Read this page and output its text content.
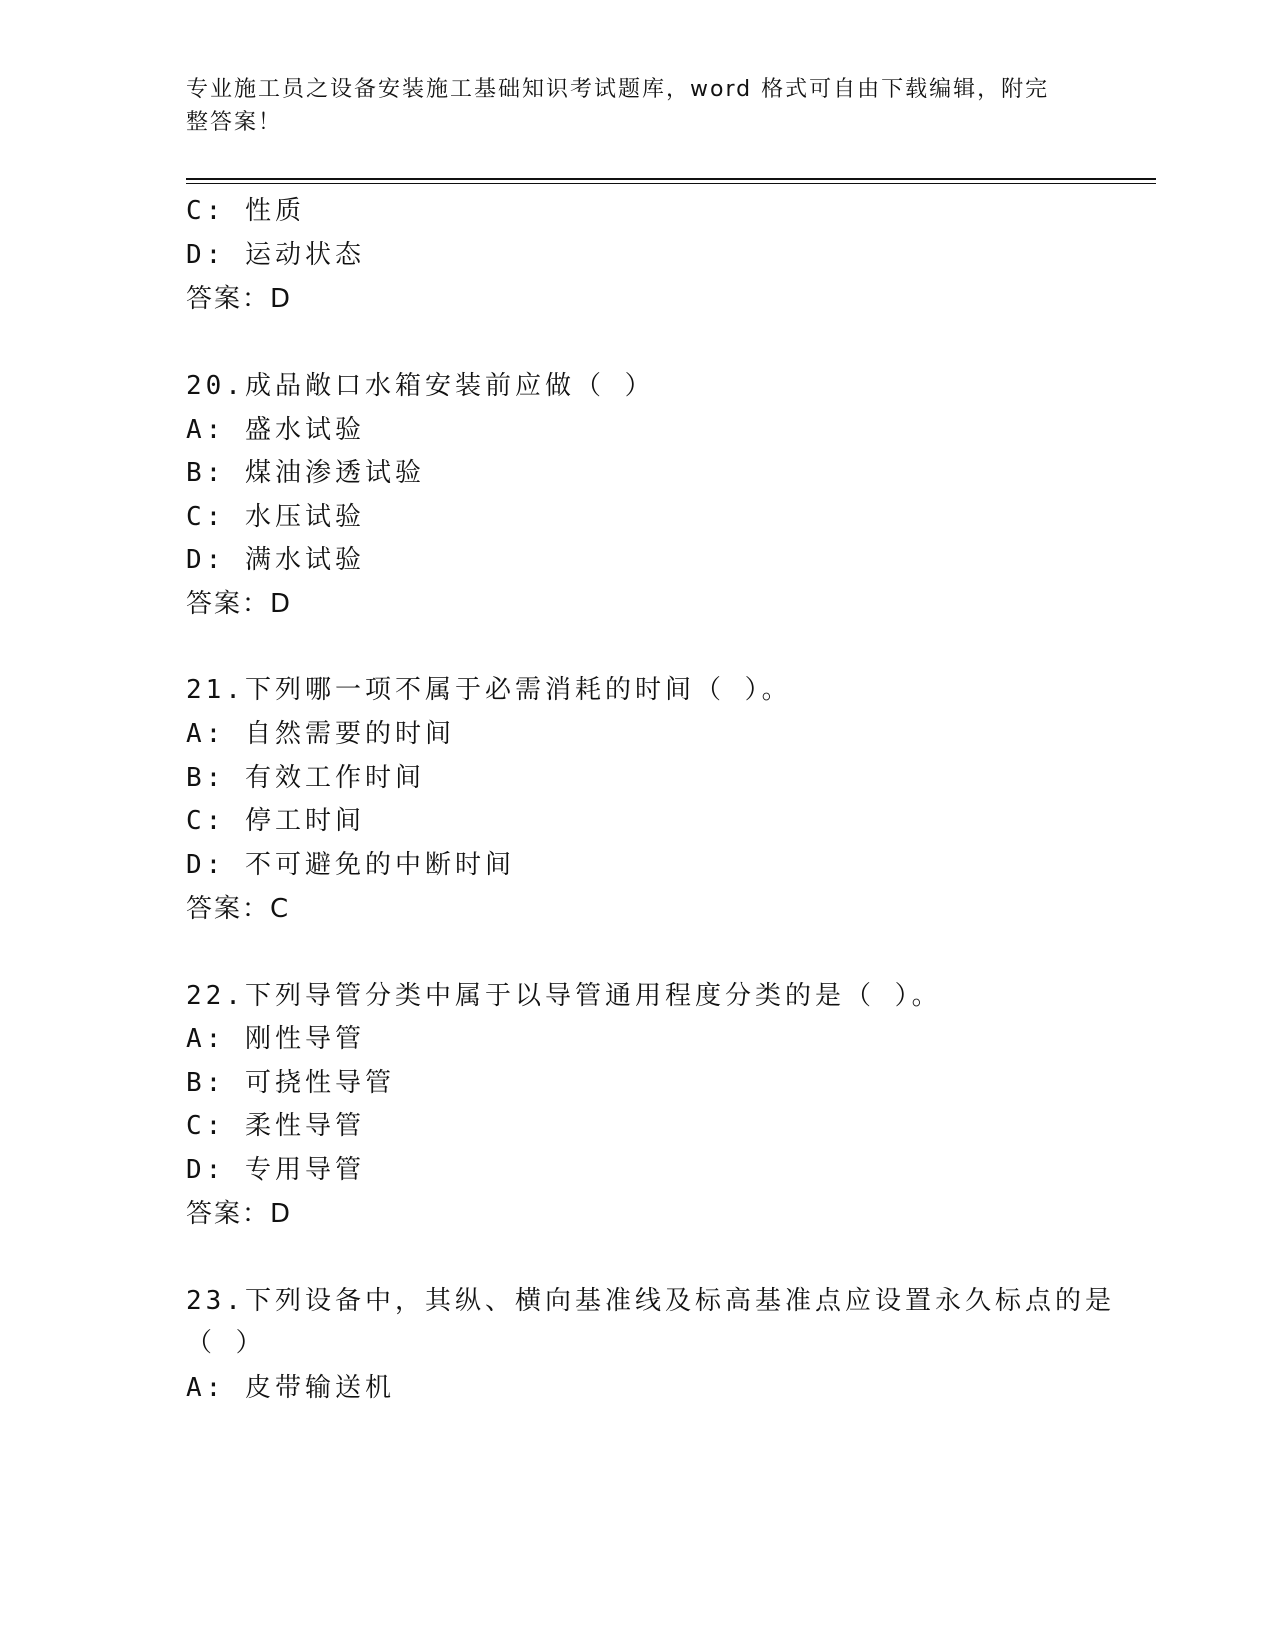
专业施工员之设备安装施工基础知识考试题库，word 格式可自由下载编辑，附完整答案！
C: 性质
D: 运动状态
答案：D
20.成品敞口水箱安装前应做（ ）
A: 盛水试验
B: 煤油渗透试验
C: 水压试验
D: 满水试验
答案：D
21.下列哪一项不属于必需消耗的时间（ ）。
A: 自然需要的时间
B: 有效工作时间
C: 停工时间
D: 不可避免的中断时间
答案：C
22.下列导管分类中属于以导管通用程度分类的是（ ）。
A: 刚性导管
B: 可挠性导管
C: 柔性导管
D: 专用导管
答案：D
23.下列设备中，其纵、横向基准线及标高基准点应设置永久标点的是
（ ）
A: 皮带输送机
